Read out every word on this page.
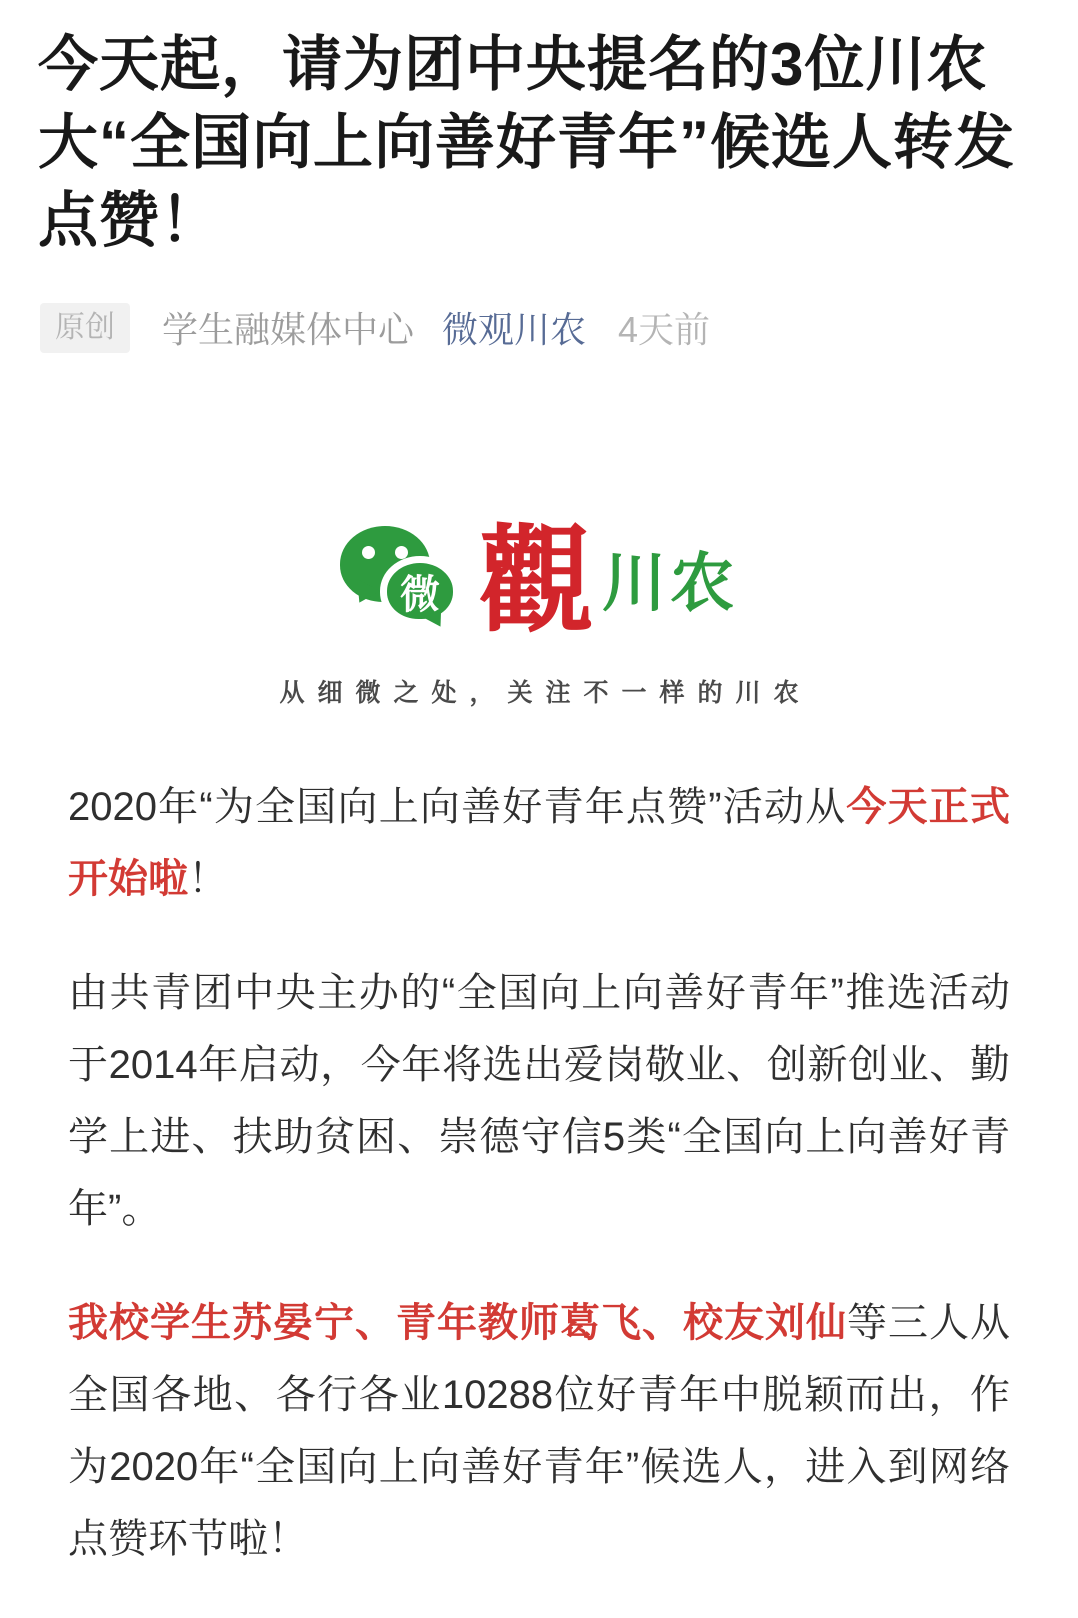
今天起，请为团中央提名的3位川农大“全国向上向善好青年”候选人转发点赞！
原创	学生融媒体中心 微观川农 4天前
微 觀 川农
从细微之处，关注不一样的川农

2020年“为全国向上向善好青年点赞”活动从今天正式开始啦！

由共青团中央主办的“全国向上向善好青年”推选活动于2014年启动，今年将选出爱岗敬业、创新创业、勤学上进、扶助贫困、崇德守信5类“全国向上向善好青年”。

我校学生苏晏宁、青年教师葛飞、校友刘仙等三人从全国各地、各行各业10288位好青年中脱颖而出，作为2020年“全国向上向善好青年”候选人，进入到网络点赞环节啦！
